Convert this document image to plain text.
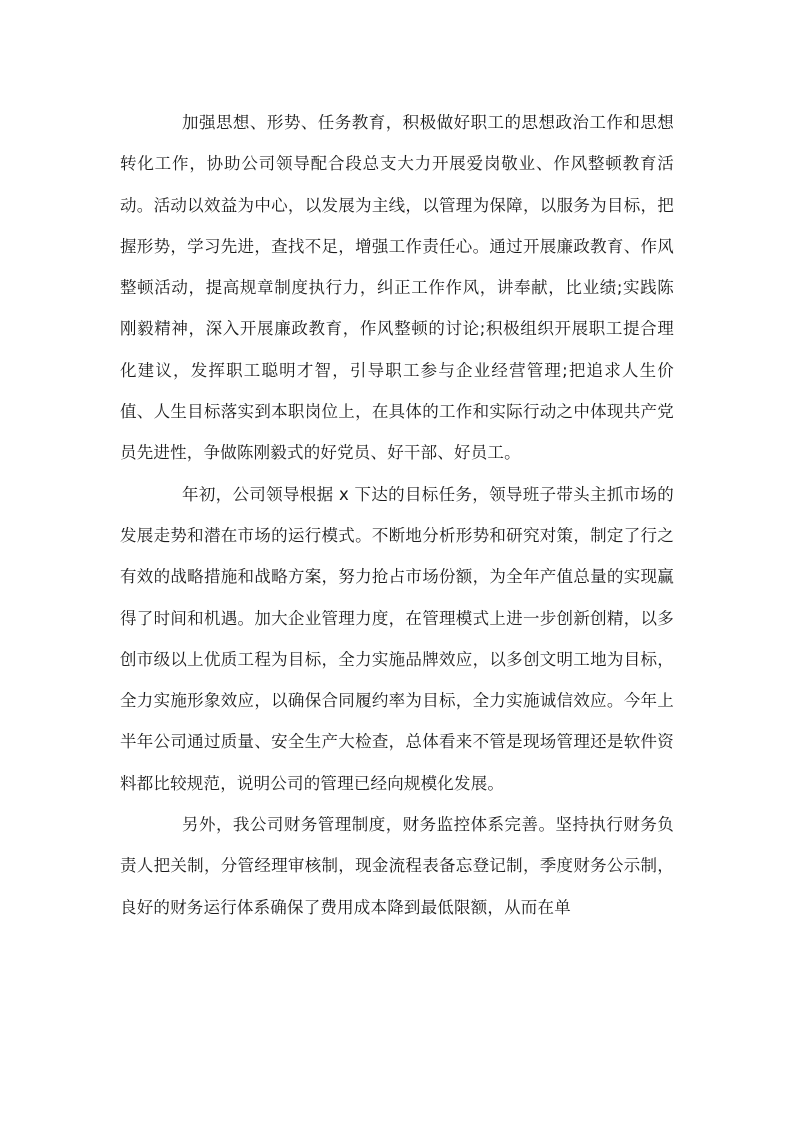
加强思想、形势、任务教育，积极做好职工的思想政治工作和思想转化工作，协助公司领导配合段总支大力开展爱岗敬业、作风整顿教育活动。活动以效益为中心，以发展为主线，以管理为保障，以服务为目标，把握形势，学习先进，查找不足，增强工作责任心。通过开展廉政教育、作风整顿活动，提高规章制度执行力，纠正工作作风，讲奉献，比业绩;实践陈刚毅精神，深入开展廉政教育，作风整顿的讨论;积极组织开展职工提合理化建议，发挥职工聪明才智，引导职工参与企业经营管理;把追求人生价值、人生目标落实到本职岗位上，在具体的工作和实际行动之中体现共产党员先进性，争做陈刚毅式的好党员、好干部、好员工。

年初，公司领导根据 x 下达的目标任务，领导班子带头主抓市场的发展走势和潜在市场的运行模式。不断地分析形势和研究对策，制定了行之有效的战略措施和战略方案，努力抢占市场份额，为全年产值总量的实现赢得了时间和机遇。加大企业管理力度，在管理模式上进一步创新创精，以多创市级以上优质工程为目标，全力实施品牌效应，以多创文明工地为目标，全力实施形象效应，以确保合同履约率为目标，全力实施诚信效应。今年上半年公司通过质量、安全生产大检查，总体看来不管是现场管理还是软件资料都比较规范，说明公司的管理已经向规模化发展。

另外，我公司财务管理制度，财务监控体系完善。坚持执行财务负责人把关制，分管经理审核制，现金流程表备忘登记制，季度财务公示制，良好的财务运行体系确保了费用成本降到最低限额，从而在单
